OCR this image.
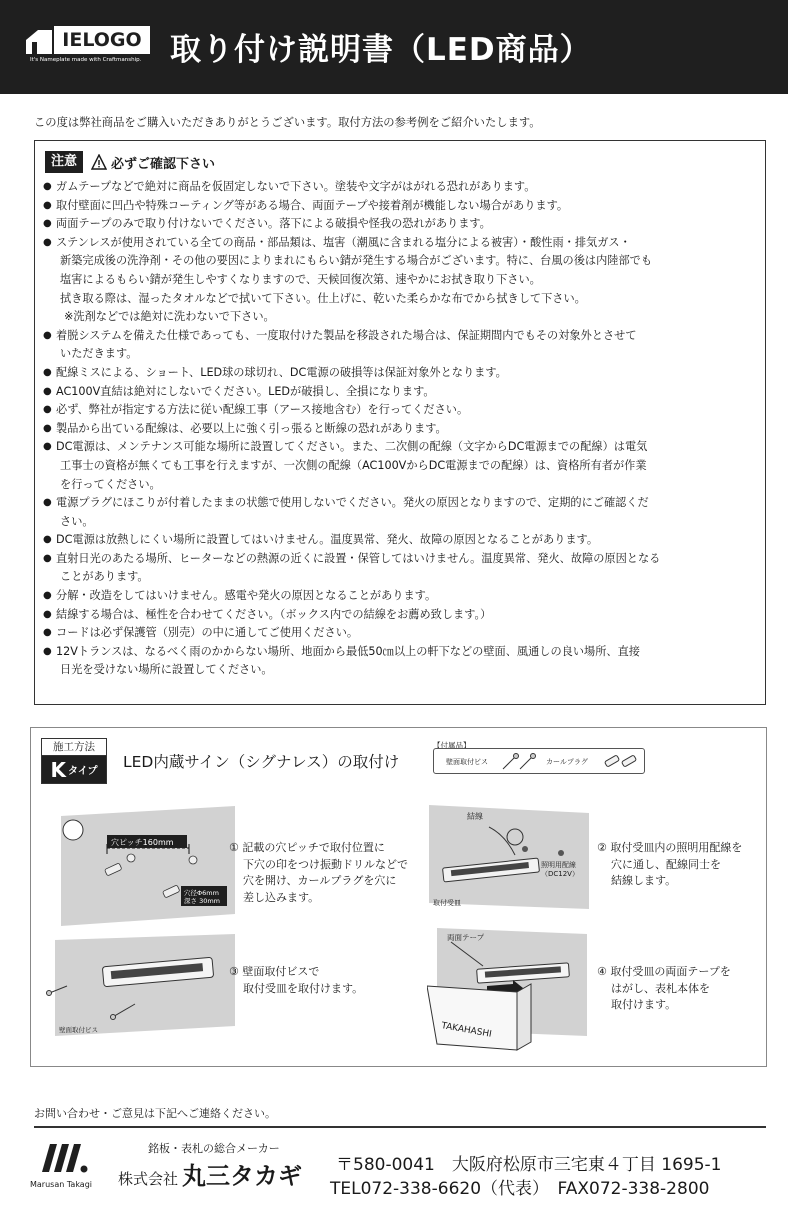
IELOGO
It's Nameplate made with Craftmanship. 取り付け説明書（LED商品）
この度は弊社商品をご購入いただきありがとうございます。取付方法の参考例をご紹介いたします。
注意	必ずご確認下さい
● ガムテープなどで絶対に商品を仮固定しないで下さい。塗装や文字がはがれる恐れがあります。
● 取付壁面に凹凸や特殊コーティング等がある場合、両面テープや接着剤が機能しない場合があります。
● 両面テープのみで取り付けないでください。落下による破損や怪我の恐れがあります。
● ステンレスが使用されている全ての商品・部品類は、塩害（潮風に含まれる塩分による被害）・酸性雨・排気ガス・
新築完成後の洗浄剤・その他の要因によりまれにもらい錆が発生する場合がございます。特に、台風の後は内陸部でも
塩害によるもらい錆が発生しやすくなりますので、天候回復次第、速やかにお拭き取り下さい。
拭き取る際は、湿ったタオルなどで拭いて下さい。仕上げに、乾いた柔らかな布でから拭きして下さい。
※洗剤などでは絶対に洗わないで下さい。
● 着脱システムを備えた仕様であっても、一度取付けた製品を移設された場合は、保証期間内でもその対象外とさせて
いただきます。
● 配線ミスによる、ショート、LED球の球切れ、DC電源の破損等は保証対象外となります。
● AC100V直結は絶対にしないでください。LEDが破損し、全損になります。
● 必ず、弊社が指定する方法に従い配線工事（アース接地含む）を行ってください。
● 製品から出ている配線は、必要以上に強く引っ張ると断線の恐れがあります。
● DC電源は、メンテナンス可能な場所に設置してください。また、二次側の配線（文字からDC電源までの配線）は電気
工事士の資格が無くても工事を行えますが、一次側の配線（AC100VからDC電源までの配線）は、資格所有者が作業
を行ってください。
● 電源プラグにほこりが付着したままの状態で使用しないでください。発火の原因となりますので、定期的にご確認くだ
さい。
● DC電源は放熱しにくい場所に設置してはいけません。温度異常、発火、故障の原因となることがあります。
● 直射日光のあたる場所、ヒーターなどの熱源の近くに設置・保管してはいけません。温度異常、発火、故障の原因となる
ことがあります。
● 分解・改造をしてはいけません。感電や発火の原因となることがあります。
● 結線する場合は、極性を合わせてください。（ボックス内での結線をお薦め致します。）
● コードは必ず保護管（別売）の中に通してご使用ください。
● 12Vトランスは、なるべく雨のかからない場所、地面から最低50㎝以上の軒下などの壁面、風通しの良い場所、直接
日光を受けない場所に設置してください。
施工方法
K タイプ
LED内蔵サイン（シグナレス）の取付け
【付属品】
壁面取付ビス	カールプラグ
穴ピッチ160mm
穴径Φ6mm
深さ 30mm
① 記載の穴ピッチで取付位置に
下穴の印をつけ振動ドリルなどで
穴を開け、カールプラグを穴に
差し込みます。
結線
照明用配線
（DC12V）
取付受皿
② 取付受皿内の照明用配線を
穴に通し、配線同士を
結線します。
壁面取付ビス
③ 壁面取付ビスで
取付受皿を取付けます。
両面テープ
TAKAHASHI
④ 取付受皿の両面テープを
はがし、表札本体を
取付けます。
お問い合わせ・ご意見は下記へご連絡ください。
Marusan Takagi
銘板・表札の総合メーカー
株式会社 丸三タカギ 〒580-0041　大阪府松原市三宅東４丁目 1695-1
TEL072-338-6620（代表）　FAX072-338-2800
